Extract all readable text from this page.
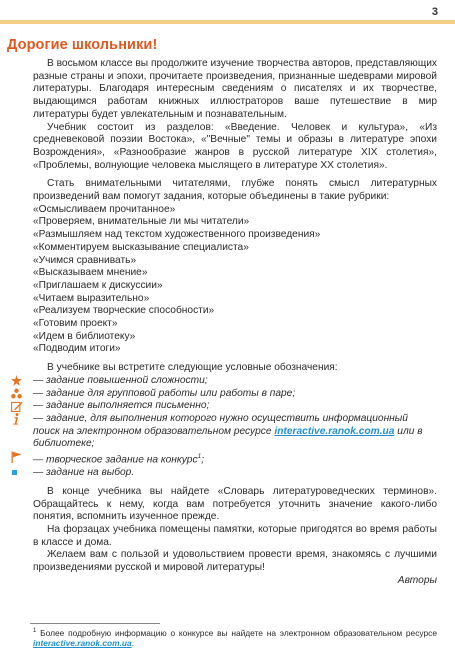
3
Дорогие школьники!

В восьмом классе вы продолжите изучение творчества авторов, представляющих разные страны и эпохи, прочитаете произведения, признанные шедеврами мировой литературы. Благодаря интересным сведениям о писателях и их творчестве, выдающимся работам книжных иллюстраторов ваше путешествие в мир литературы будет увлекательным и познавательным.

Учебник состоит из разделов: «Введение. Человек и культура», «Из средневековой поэзии Востока», «"Вечные" темы и образы в литературе эпохи Возрождения», «Разнообразие жанров в русской литературе XIX столетия», «Проблемы, волнующие человека мыслящего в литературе XX столетия».

Стать внимательными читателями, глубже понять смысл литературных произведений вам помогут задания, которые объединены в такие рубрики:

«Осмысливаем прочитанное»
«Проверяем, внимательные ли мы читатели»
«Размышляем над текстом художественного произведения»
«Комментируем высказывание специалиста»
«Учимся сравнивать»
«Высказываем мнение»
«Приглашаем к дискуссии»
«Читаем выразительно»
«Реализуем творческие способности»
«Готовим проект»
«Идем в библиотеку»
«Подводим итоги»

В учебнике вы встретите следующие условные обозначения:

— задание повышенной сложности;
— задание для групповой работы или работы в паре;
— задание выполняется письменно;
— задание, для выполнения которого нужно осуществить информационный поиск на электронном образовательном ресурсе interactive.ranok.com.ua или в библиотеке;
— творческое задание на конкурс$^1$;
— задание на выбор.

В конце учебника вы найдете «Словарь литературоведческих терминов». Обращайтесь к нему, когда вам потребуется уточнить значение какого-либо понятия, вспомнить изученное прежде.

На форзацах учебника помещены памятки, которые пригодятся во время работы в классе и дома.

Желаем вам с пользой и удовольствием провести время, знакомясь с лучшими произведениями русской и мировой литературы!

Авторы

$^1$ Более подробную информацию о конкурсе вы найдете на электронном образовательном ресурсе interactive.ranok.com.ua.
